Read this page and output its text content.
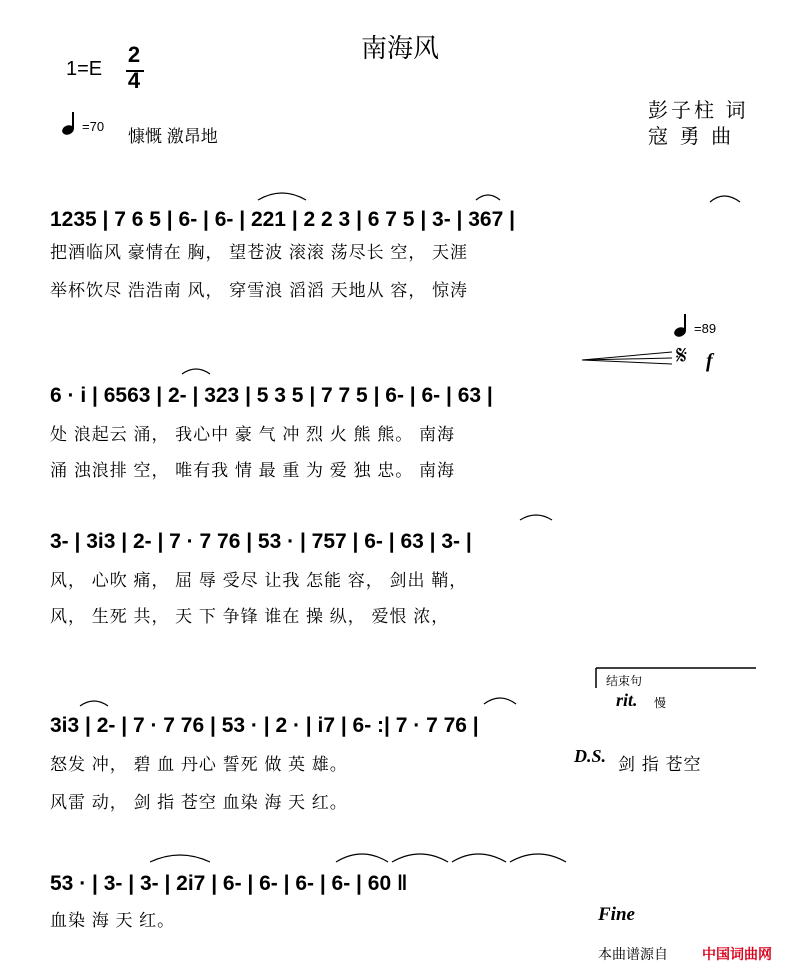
南海风
1=E
2
4
=70
慷慨 激昂地
彭子柱 词
寇 勇 曲
1235 | 7 6 5 | 6- | 6- | 221 | 2 2 3 | 6 7 5 | 3- | 367 |
把酒临风 豪情在 胸， 望苍波 滚滚 荡尽长 空， 天涯
举杯饮尽 浩浩南 风， 穿雪浪 滔滔 天地从 容， 惊涛
=89
𝄋 f
6 · i | 6563 | 2- | 323 | 5 3 5 | 7 7 5 | 6- | 6- | 63 |
处 浪起云 涌， 我心中 豪 气 冲 烈 火 熊 熊。 南海
涌 浊浪排 空， 唯有我 情 最 重 为 爱 独 忠。 南海
3- | 3i3 | 2- | 7 · 7 76 | 53 · | 757 | 6- | 63 | 3- |
风， 心吹 痛， 屈 辱 受尽 让我 怎能 容， 剑出 鞘，
风， 生死 共， 天 下 争锋 谁在 操 纵， 爱恨 浓，
结束句
rit. 慢
3i3 | 2- | 7 · 7 76 | 53 · | 2 · | i7 | 6- :| 7 · 7 76 |
怒发 冲， 碧 血 丹心 誓死 做 英 雄。	D.S. 剑 指 苍空
风雷 动， 剑 指 苍空 血染 海 天 红。
53 · | 3- | 3- | 2i7 | 6- | 6- | 6- | 6- | 60 ‖
血染 海 天 红。	Fine
本曲谱源自 中国词曲网
